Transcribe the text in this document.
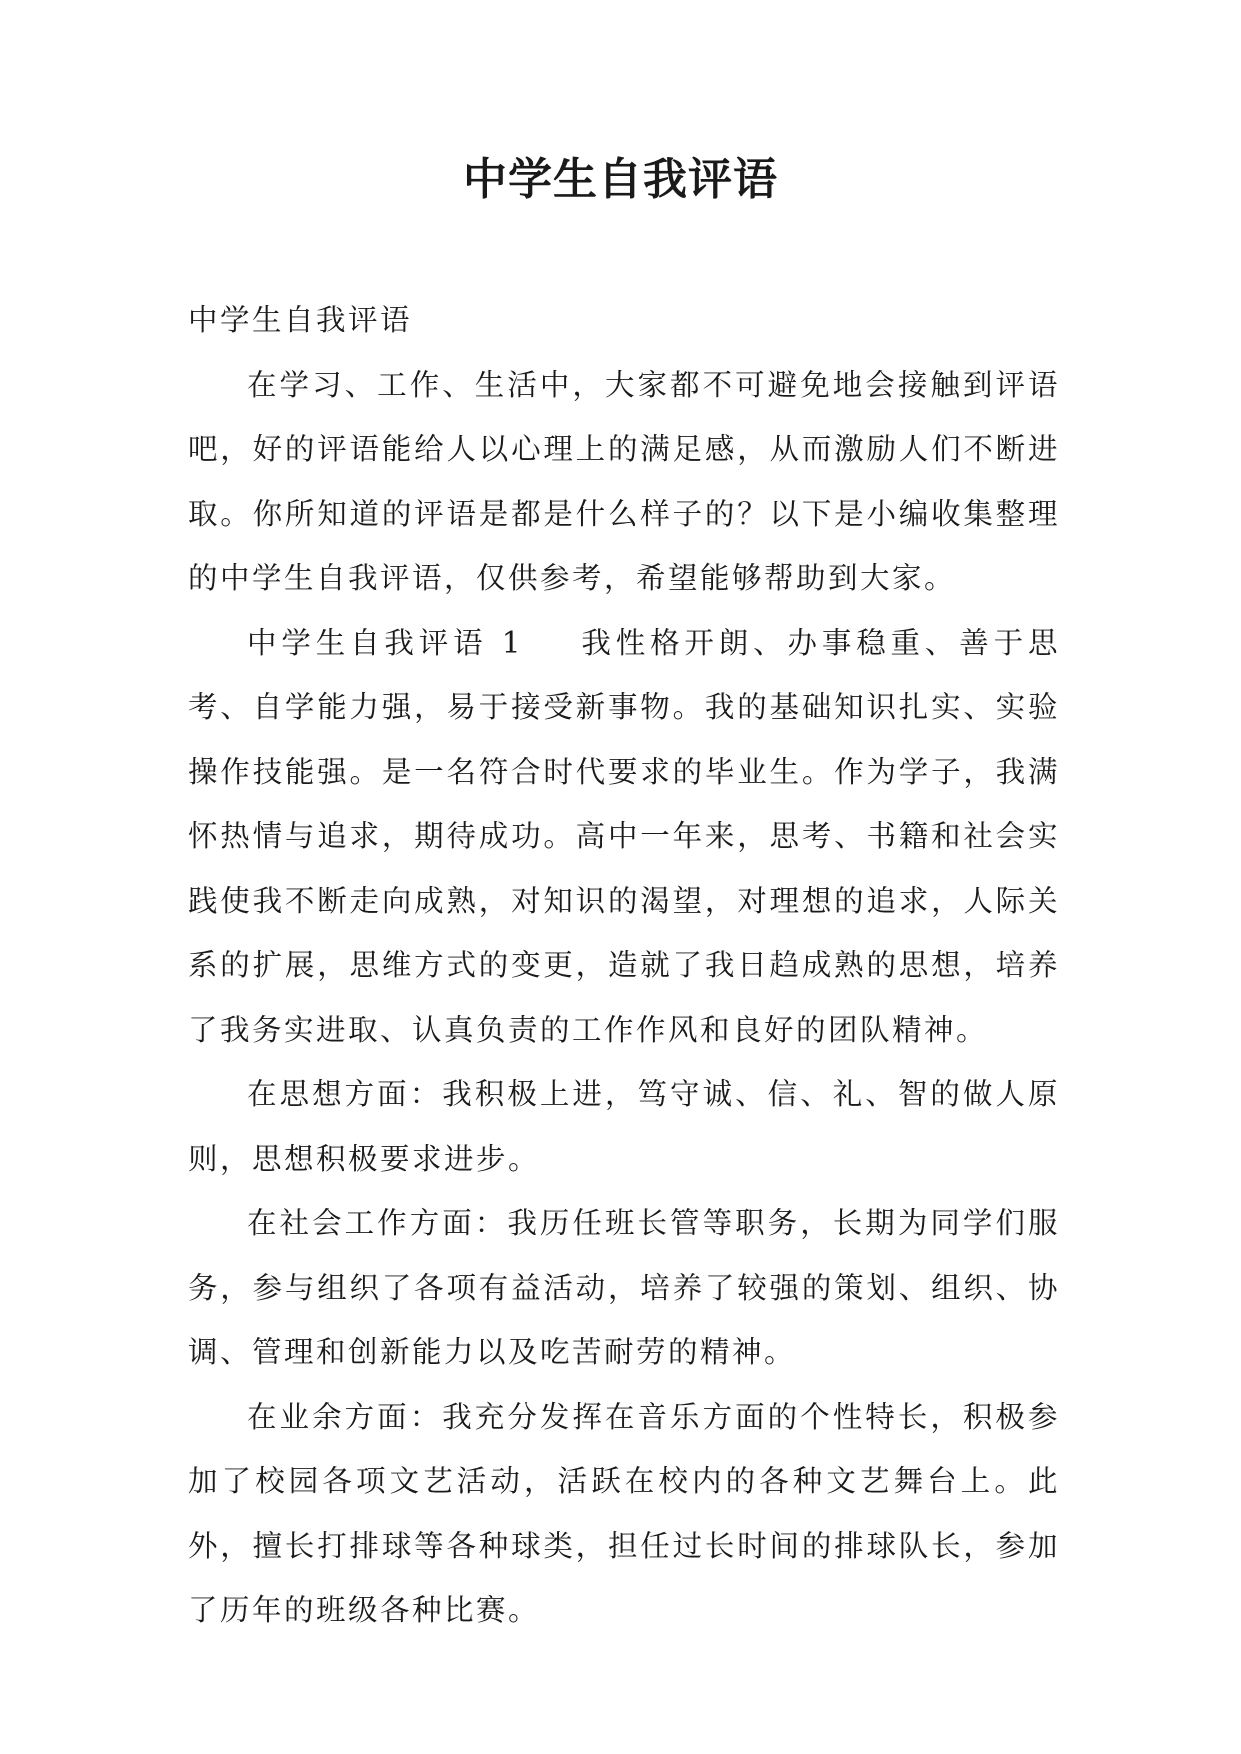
中学生自我评语

中学生自我评语

在学习、工作、生活中，大家都不可避免地会接触到评语吧，好的评语能给人以心理上的满足感，从而激励人们不断进取。你所知道的评语是都是什么样子的？以下是小编收集整理的中学生自我评语，仅供参考，希望能够帮助到大家。

中学生自我评语 1 我性格开朗、办事稳重、善于思考、自学能力强，易于接受新事物。我的基础知识扎实、实验操作技能强。是一名符合时代要求的毕业生。作为学子，我满怀热情与追求，期待成功。高中一年来，思考、书籍和社会实践使我不断走向成熟，对知识的渴望，对理想的追求，人际关系的扩展，思维方式的变更，造就了我日趋成熟的思想，培养了我务实进取、认真负责的工作作风和良好的团队精神。

在思想方面：我积极上进，笃守诚、信、礼、智的做人原则，思想积极要求进步。

在社会工作方面：我历任班长管等职务，长期为同学们服务，参与组织了各项有益活动，培养了较强的策划、组织、协调、管理和创新能力以及吃苦耐劳的精神。

在业余方面：我充分发挥在音乐方面的个性特长，积极参加了校园各项文艺活动，活跃在校内的各种文艺舞台上。此外，擅长打排球等各种球类，担任过长时间的排球队长，参加了历年的班级各种比赛。
